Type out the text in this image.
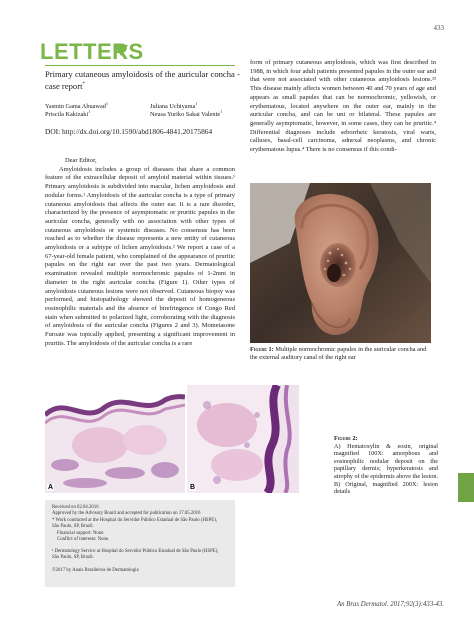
433
LETTERS
Primary cutaneous amyloidosis of the auricular concha - case report*
Yasmin Gama Abuawad$^1$	Juliana Uchiyama$^1$
Priscila Kakizaki$^1$	Neusa Yuriko Sakai Valente$^1$
DOI: http://dx.doi.org/10.1590/abd1806-4841.20175864

Dear Editor,

Amyloidosis includes a group of diseases that share a common feature of the extracellular deposit of amyloid material within tissues.¹ Primary amyloidosis is subdivided into macular, lichen amyloidosis and nodular forms.¹ Amyloidosis of the auricular concha is a type of primary cutaneous amyloidosis that affects the outer ear. It is a rare disorder, characterized by the presence of asymptomatic or pruritic papules in the auricular concha, generally with no association with other types of cutaneous amyloidosis or systemic diseases. No consensus has been reached as to whether the disease represents a new entity of cutaneous amyloidosis or a subtype of lichen amyloidosis.² We report a case of a 67-year-old female patient, who complained of the appearance of pruritic papules on the right ear over the past two years. Dermatological examination revealed multiple normochromic papules of 1-2mm in diameter in the right auricular concha (Figure 1). Other types of amyloidosis cutaneous lesions were not observed. Cutaneous biopsy was performed, and histopathology showed the deposit of homogeneous eosinophilic materials and the absence of birefringence of Congo Red stain when submitted to polarized light, corroborating with the diagnosis of amyloidosis of the auricular concha (Figures 2 and 3). Mometasone Furoate was topically applied, presenting a significant improvement in pruritis. The amyloidosis of the auricular concha is a rare

form of primary cutaneous amyloidosis, which was first described in 1988, in which four adult patients presented papules in the outer ear and that were not associated with other cutaneous amyloidosis lesions.²³ This disease mainly affects women between 40 and 70 years of age and appears as small papules that can be normochromic, yellowish, or erythematous, located anywhere on the outer ear, mainly in the auricular concha, and can be uni or bilateral. These papules are generally asymptomatic, however, in some cases, they can be pruritic.⁴ Differential diagnoses include seborrheic keratosis, viral warts, calluses, basal-cell carcinoma, adnexal neoplasms, and chronic erythematous lupus.⁴ There is no consensus if this condi-

Figure 1: Multiple normochromic papules in the auricular concha and the external auditory canal of the right ear
A	B
Figure 2:
A) Hematoxylin & eosin, original magnified 100X: amorphous and eosinophilic nodular deposit on the papillary dermis; hyperkeratosis and atrophy of the epidermis above the lesion. B) Original, magnified 200X: lesion details
Received on 02.04.2016
Approved by the Advisory Board and accepted for publication on 17.05.2016
* Work conducted at the Hospital do Servidor Público Estadual de São Paulo (HSPE), São Paulo, SP, Brazil.
Financial support: None.
Conflict of interests: None.
¹ Dermatology Service at Hospital do Servidor Público Estadual de São Paulo (HSPE), São Paulo, SP, Brazil.
©2017 by Anais Brasileiros de Dermatologia
An Bras Dermatol. 2017;92(3):433-43.
